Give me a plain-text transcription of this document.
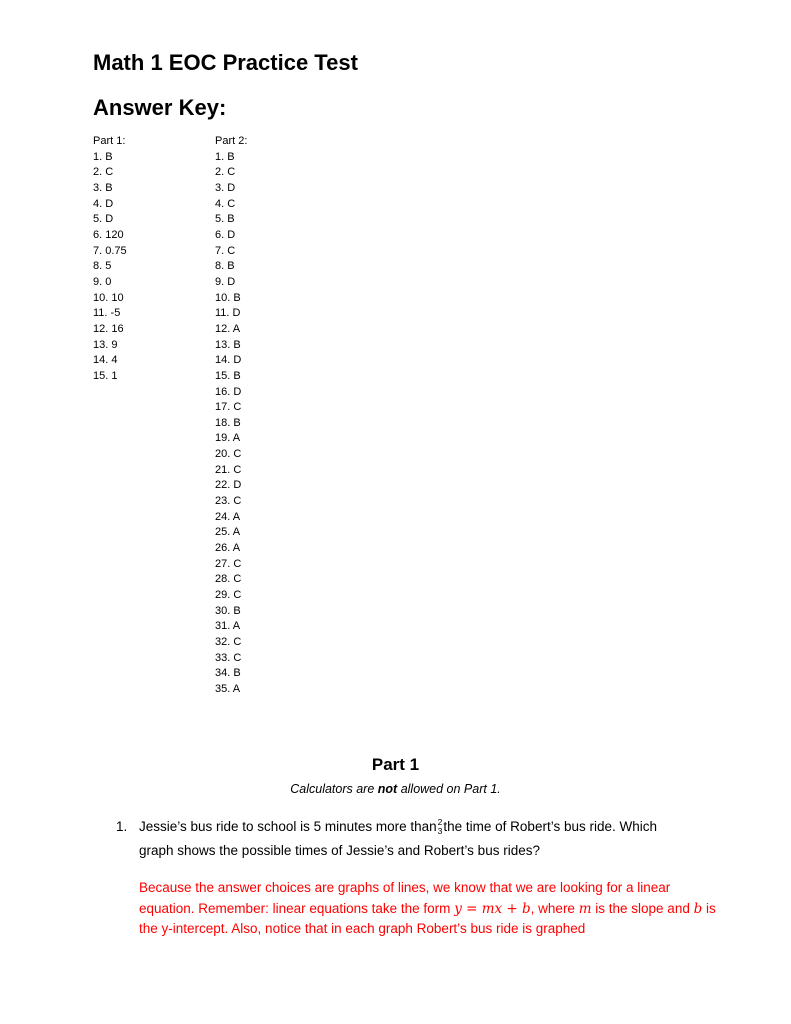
Math 1 EOC Practice Test
Answer Key:
Part 1:
1. B
2. C
3. B
4. D
5. D
6. 120
7. 0.75
8. 5
9. 0
10. 10
11. -5
12. 16
13. 9
14. 4
15. 1
Part 2:
1. B
2. C
3. D
4. C
5. B
6. D
7. C
8. B
9. D
10. B
11. D
12. A
13. B
14. D
15. B
16. D
17. C
18. B
19. A
20. C
21. C
22. D
23. C
24. A
25. A
26. A
27. C
28. C
29. C
30. B
31. A
32. C
33. C
34. B
35. A
Part 1
Calculators are not allowed on Part 1.
1. Jessie’s bus ride to school is 5 minutes more than 2
3 the time of Robert’s bus ride. Which
graph shows the possible times of Jessie’s and Robert’s bus rides?
Because the answer choices are graphs of lines, we know that we are looking for a linear equation. Remember: linear equations take the form y = mx + b, where m is the slope and b is the y-intercept. Also, notice that in each graph Robert’s bus ride is graphed
